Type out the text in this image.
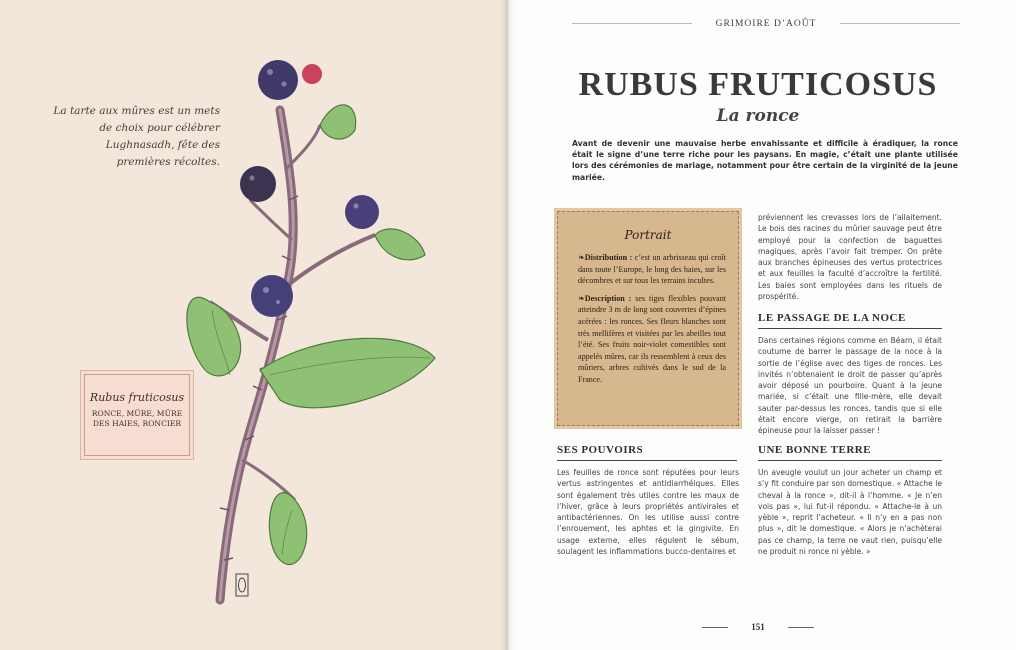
La tarte aux mûres est un mets de choix pour célébrer Lughnasadh, fête des premières récoltes.

Rubus fruticosus
RONCE, MÛRE, MÛRE DES HAIES, RONCIER
GRIMOIRE D’AOÛT
RUBUS FRUTICOSUS
La ronce

Avant de devenir une mauvaise herbe envahissante et difficile à éradiquer, la ronce était le signe d’une terre riche pour les paysans. En magie, c’était une plante utilisée lors des cérémonies de mariage, notamment pour être certain de la virginité de la jeune mariée.

Portrait

❧Distribution : c’est un arbrisseau qui croît dans toute l’Europe, le long des haies, sur les décombres et sur tous les terrains incultes.

❧Description : ses tiges flexibles pouvant atteindre 3 m de long sont couvertes d’épines acérées : les ronces. Ses fleurs blanches sont très mellifères et visitées par les abeilles tout l’été. Ses fruits noir-violet comestibles sont appelés mûres, car ils ressemblent à ceux des mûriers, arbres cultivés dans le sud de la France.

SES POUVOIRS

Les feuilles de ronce sont réputées pour leurs vertus astringentes et antidiarrhéiques. Elles sont également très utiles contre les maux de l’hiver, grâce à leurs propriétés antivirales et antibactériennes. On les utilise aussi contre l’enrouement, les aphtes et la gingivite. En usage externe, elles régulent le sébum, soulagent les inflammations bucco-dentaires et

préviennent les crevasses lors de l’allaitement. Le bois des racines du mûrier sauvage peut être employé pour la confection de baguettes magiques, après l’avoir fait tremper. On prête aux branches épineuses des vertus protectrices et aux feuilles la faculté d’accroître la fertilité. Les baies sont employées dans les rituels de prospérité.

LE PASSAGE DE LA NOCE

Dans certaines régions comme en Béarn, il était coutume de barrer le passage de la noce à la sortie de l’église avec des tiges de ronces. Les invités n’obtenaient le droit de passer qu’après avoir déposé un pourboire. Quant à la jeune mariée, si c’était une fille-mère, elle devait sauter par-dessus les ronces, tandis que si elle était encore vierge, on retirait la barrière épineuse pour la laisser passer !

UNE BONNE TERRE

Un aveugle voulut un jour acheter un champ et s’y fit conduire par son domestique. « Attache le cheval à la ronce », dit-il à l’homme. « Je n’en vois pas », lui fut-il répondu. « Attache-le à un yèble », reprit l’acheteur. « Il n’y en a pas non plus », dit le domestique. « Alors je n’achèterai pas ce champ, la terre ne vaut rien, puisqu’elle ne produit ni ronce ni yèble. »

151
